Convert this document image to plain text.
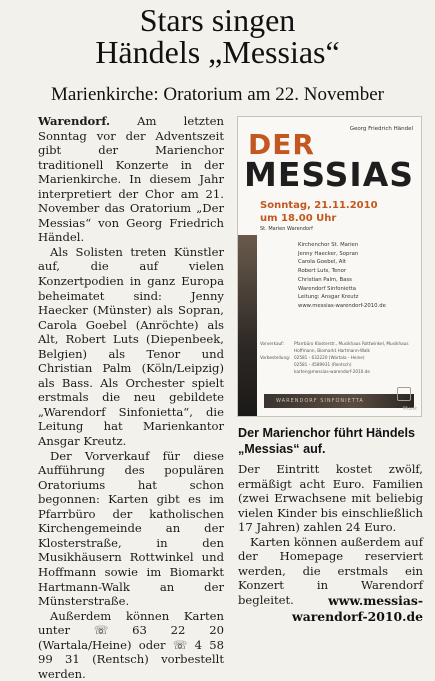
Stars singen
Händels „Messias“
Marienkirche: Oratorium am 22. November

Warendorf. Am letzten Sonntag vor der Adventszeit gibt der Marienchor traditionell Konzerte in der Marienkirche. In diesem Jahr interpretiert der Chor am 21. November das Oratorium „Der Messias“ von Georg Friedrich Händel.

Als Solisten treten Künstler auf, die auf vielen Konzertpodien in ganz Europa beheimatet sind: Jenny Haecker (Münster) als Sopran, Carola Goebel (Anröchte) als Alt, Robert Luts (Diepenbeek, Belgien) als Tenor und Christian Palm (Köln/Leipzig) als Bass. Als Orchester spielt erstmals die neu gebildete „Warendorf Sinfonietta“, die Leitung hat Marienkantor Ansgar Kreutz.

Der Vorverkauf für diese Aufführung des populären Oratoriums hat schon begonnen: Karten gibt es im Pfarrbüro der katholischen Kirchengemeinde an der Klosterstraße, in den Musikhäusern Rottwinkel und Hoffmann sowie im Biomarkt Hartmann-Walk an der Münsterstraße.

Außerdem können Karten unter ☏ 63 22 20 (Wartala/Heine) oder ☏ 4 58 99 31 (Rentsch) vorbestellt werden.

Georg Friedrich Händel
DER
MESSIAS
Sonntag, 21.11.2010
um 18.00 Uhr
St. Marien Warendorf
Kirchenchor St. Marien
Jenny Haecker, Sopran
Carola Goebel, Alt
Robert Luts, Tenor
Christian Palm, Bass
Warendorf Sinfonietta
Leitung: Ansgar Kreutz
www.messias-warendorf-2010.de
Vorverkauf:	Pfarrbüro Klosterstr., Musikhaus Rottwinkel, Musikhaus Hoffmann, Biomarkt Hartmann-Walk
Vorbestellung: 02581 - 632220 (Wartala - Heine)
02581 - 4589931 (Rentsch)
karten@messias-warendorf-2010.de
WARENDORF SINFONIETTA
Musik
Der Marienchor führt Händels „Messias“ auf.

Der Eintritt kostet zwölf, ermäßigt acht Euro. Familien (zwei Erwachsene mit beliebig vielen Kinder bis einschließlich 17 Jahren) zahlen 24 Euro.

Karten können außerdem auf der Homepage reserviert werden, die erstmals ein Konzert in Warendorf begleitet.	www.messias-
warendorf-2010.de
